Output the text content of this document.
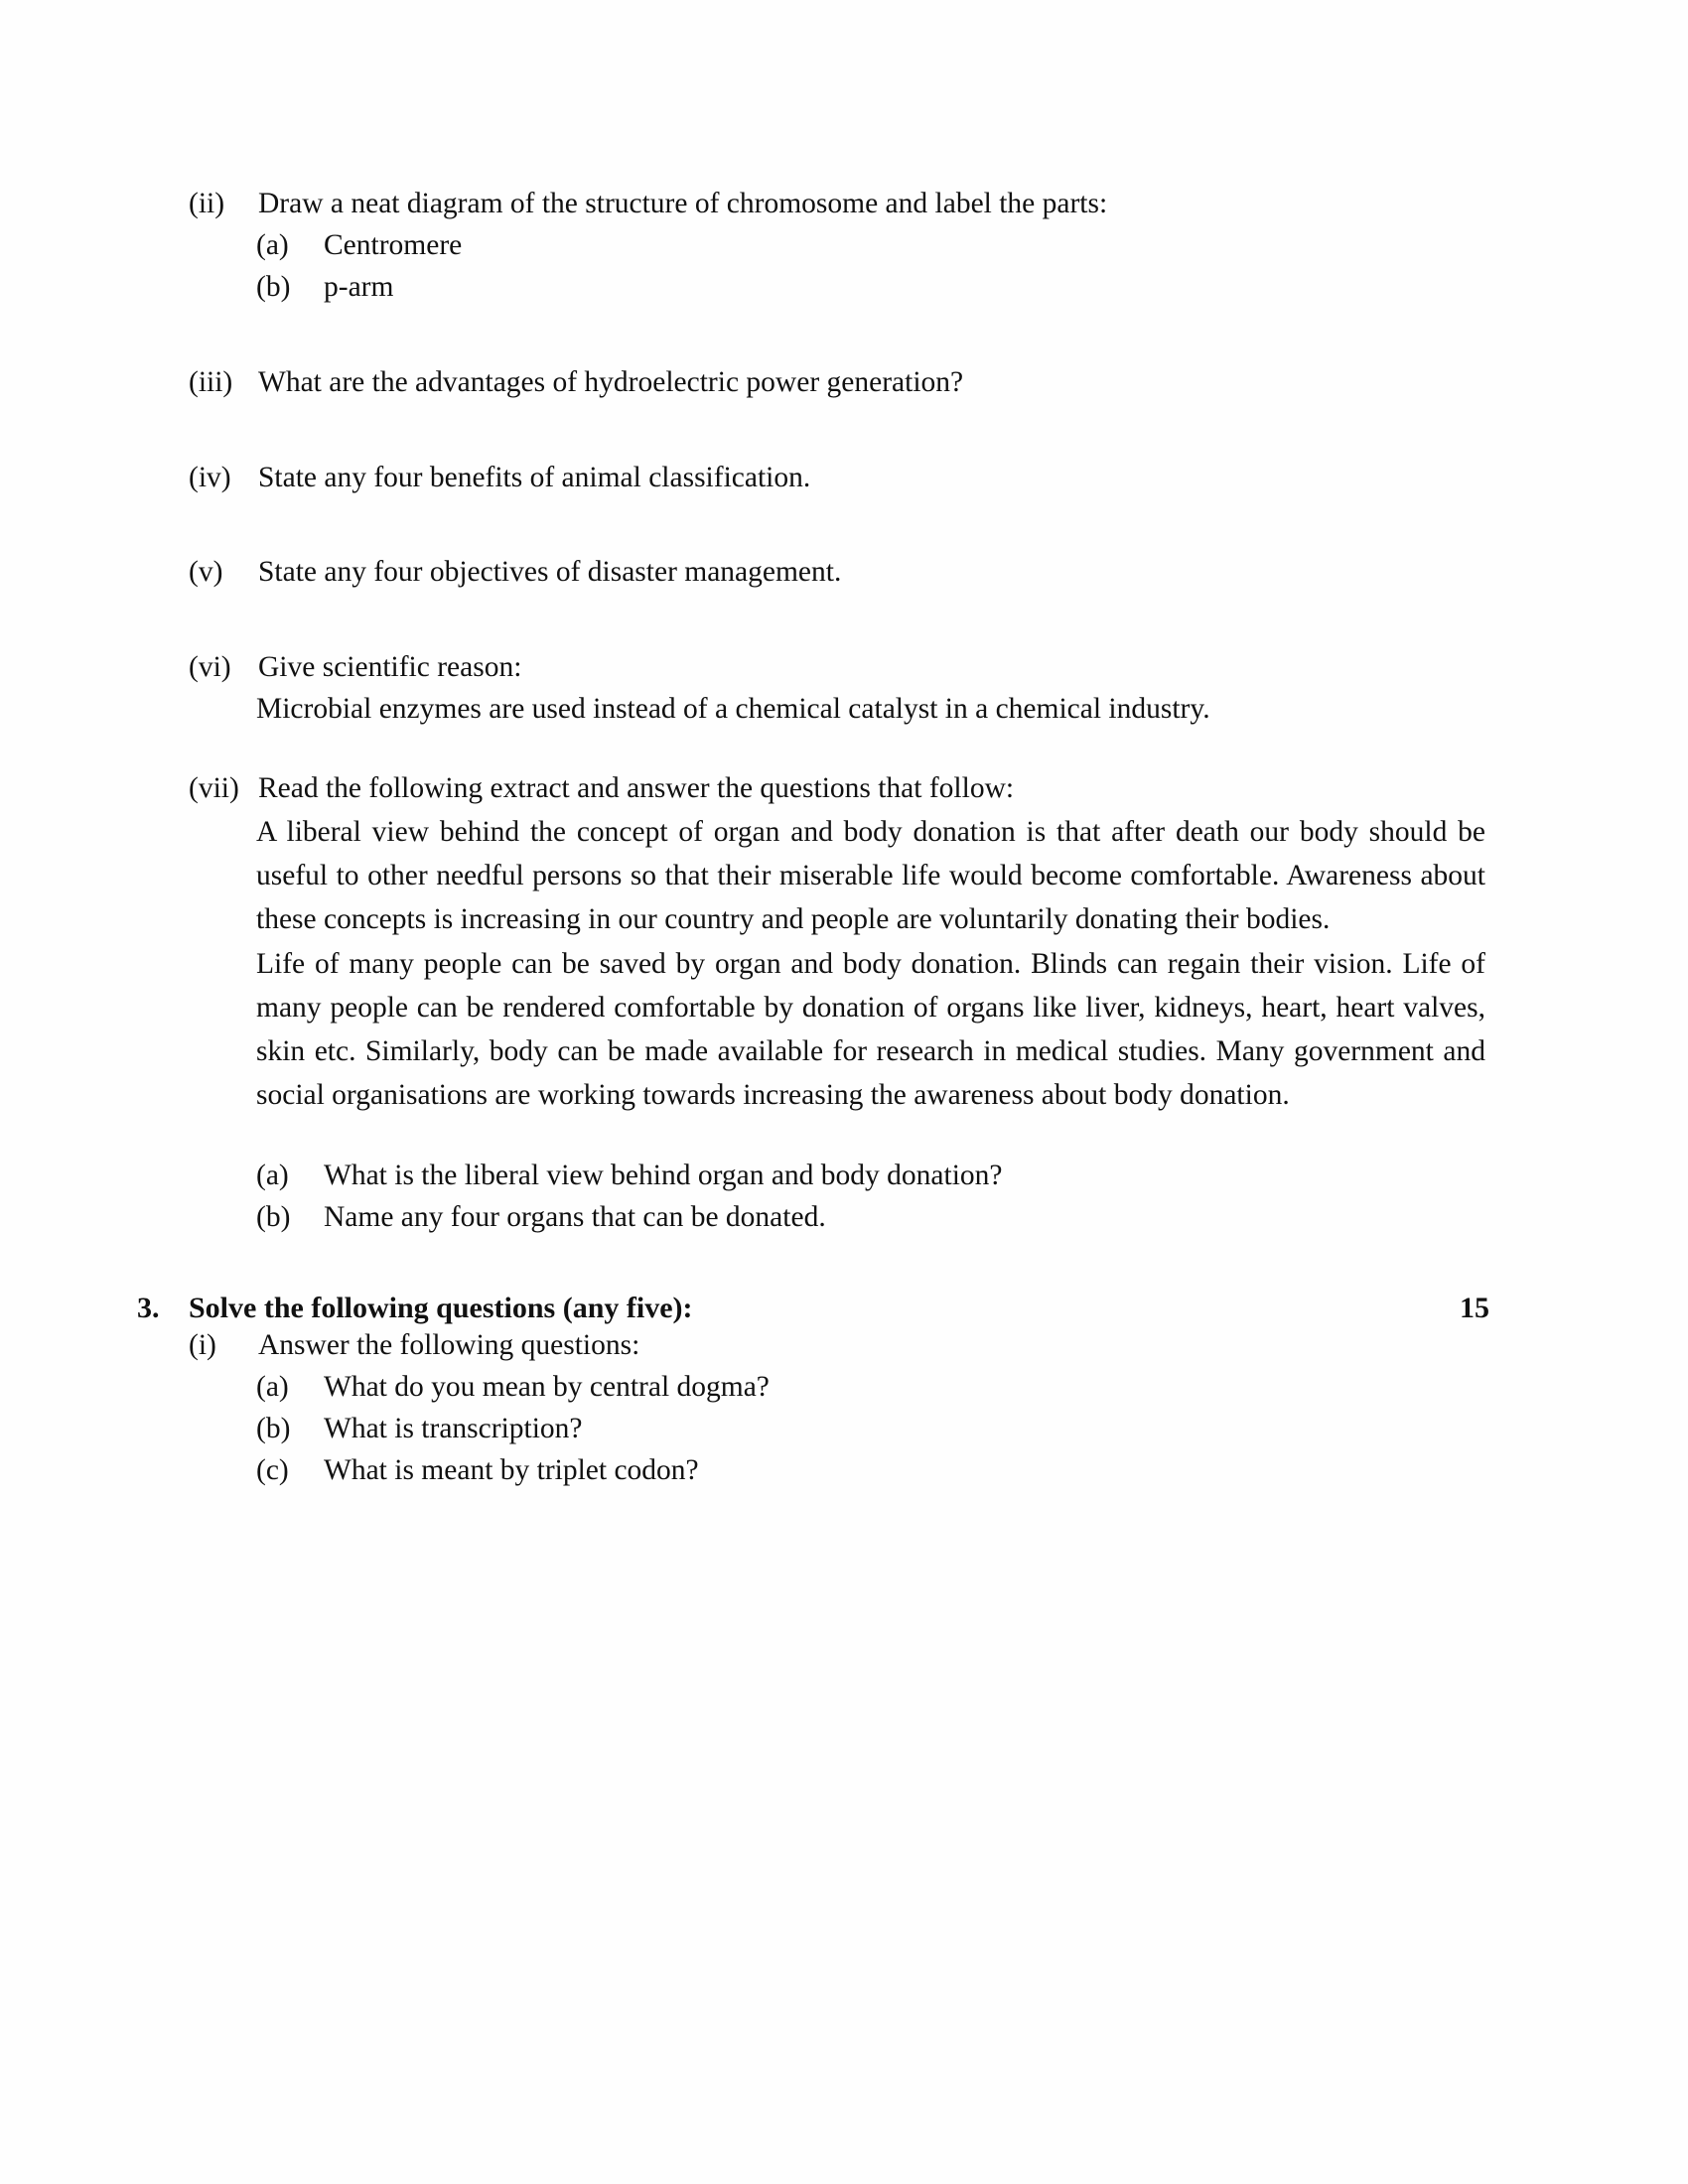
(ii)	Draw a neat diagram of the structure of chromosome and label the parts:
(a)	Centromere
(b)	p-arm
(iii) What are the advantages of hydroelectric power generation?
(iv) State any four benefits of animal classification.
(v)	State any four objectives of disaster management.
(vi) Give scientific reason:
Microbial enzymes are used instead of a chemical catalyst in a chemical industry.
(vii) Read the following extract and answer the questions that follow:

A liberal view behind the concept of organ and body donation is that after death our body should be useful to other needful persons so that their miserable life would become comfortable. Awareness about these concepts is increasing in our country and people are voluntarily donating their bodies.

Life of many people can be saved by organ and body donation. Blinds can regain their vision. Life of many people can be rendered comfortable by donation of organs like liver, kidneys, heart, heart valves, skin etc. Similarly, body can be made available for research in medical studies. Many government and social organisations are working towards increasing the awareness about body donation.

(a)	What is the liberal view behind organ and body donation?
(b)	Name any four organs that can be donated.
3. Solve the following questions (any five):	15
(i)	Answer the following questions:
(a)	What do you mean by central dogma?
(b)	What is transcription?
(c)	What is meant by triplet codon?
